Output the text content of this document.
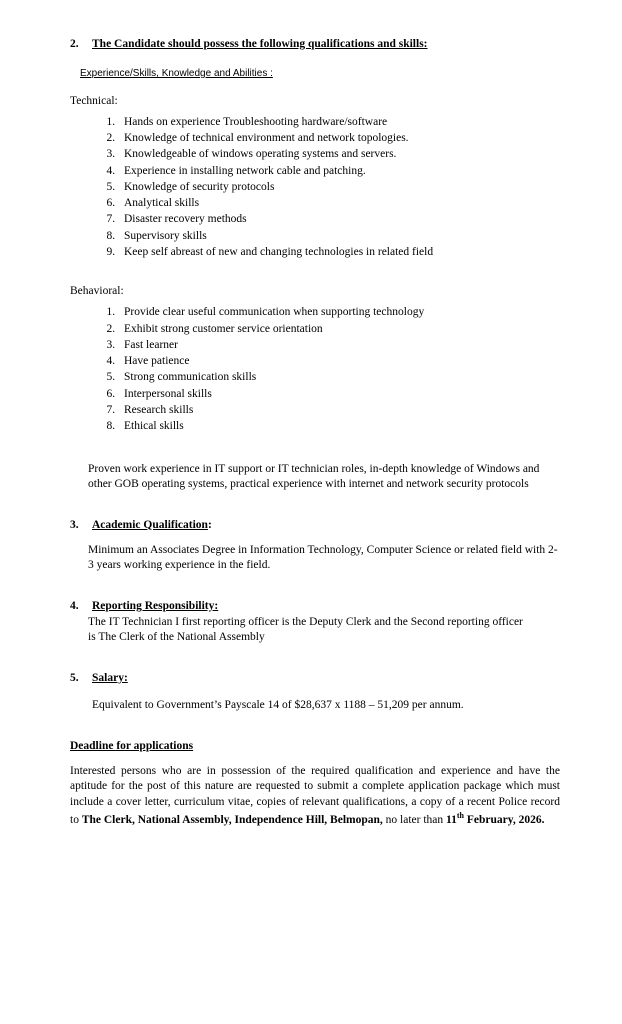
2.	The Candidate should possess the following qualifications and skills:
Experience/Skills, Knowledge and Abilities :
Technical:
1. Hands on experience Troubleshooting hardware/software
2. Knowledge of technical environment and network topologies.
3. Knowledgeable of windows operating systems and servers.
4. Experience in installing network cable and patching.
5. Knowledge of security protocols
6. Analytical skills
7. Disaster recovery methods
8. Supervisory skills
9. Keep self abreast of new and changing technologies in related field
Behavioral:
1. Provide clear useful communication when supporting technology
2. Exhibit strong customer service orientation
3. Fast learner
4. Have patience
5. Strong communication skills
6. Interpersonal skills
7. Research skills
8. Ethical skills
Proven work experience in IT support or IT technician roles, in-depth knowledge of Windows and other GOB operating systems, practical experience with internet and network security protocols
3.	Academic Qualification :
Minimum an Associates Degree in Information Technology, Computer Science or related field with 2-3 years working experience in the field.
4.	Reporting Responsibility:
The IT Technician I first reporting officer is the Deputy Clerk and the Second reporting officer
is The Clerk of the National Assembly
5.	Salary:
Equivalent to Government’s Payscale 14 of $28,637 x 1188 – 51,209 per annum.
Deadline for applications
Interested persons who are in possession of the required qualification and experience and have the aptitude for the post of this nature are requested to submit a complete application package which must include a cover letter, curriculum vitae, copies of relevant qualifications, a copy of a recent Police record to The Clerk, National Assembly, Independence Hill, Belmopan, no later than 11th February, 2026.
